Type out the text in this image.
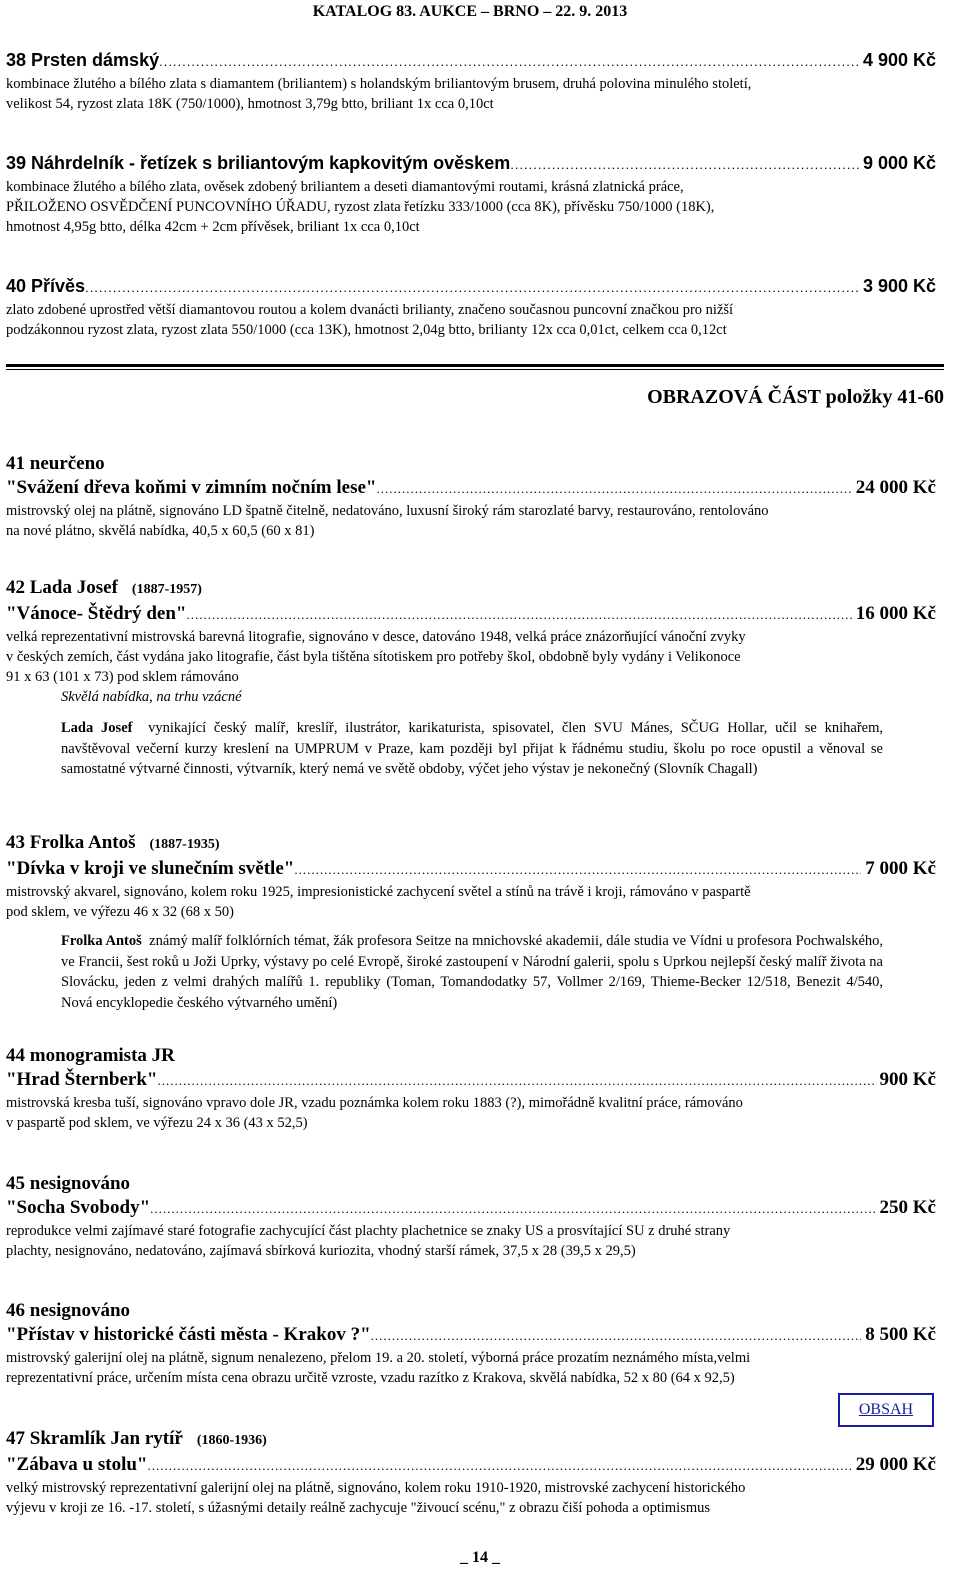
KATALOG 83. AUKCE – BRNO – 22. 9. 2013
38 Prsten dámský .....	4 900 Kč

kombinace žlutého a bílého zlata s diamantem (briliantem) s holandským briliantovým brusem, druhá polovina minulého století,
velikost 54, ryzost zlata 18K (750/1000), hmotnost 3,79g btto, briliant 1x cca 0,10ct

39 Náhrdelník - řetízek s briliantovým kapkovitým ověskem .....	9 000 Kč

kombinace žlutého a bílého zlata, ověsek zdobený briliantem a deseti diamantovými routami, krásná zlatnická práce,
PŘILOŽENO OSVĚDČENÍ PUNCOVNÍHO ÚŘADU, ryzost zlata řetízku 333/1000 (cca 8K), přívěsku 750/1000 (18K),
hmotnost 4,95g btto, délka 42cm + 2cm přívěsek, briliant 1x cca 0,10ct

40 Přívěs .....	3 900 Kč

zlato zdobené uprostřed větší diamantovou routou a kolem dvanácti brilianty, značeno současnou puncovní značkou pro nižší
podzákonnou ryzost zlata, ryzost zlata 550/1000 (cca 13K), hmotnost 2,04g btto, brilianty 12x cca 0,01ct, celkem cca 0,12ct

OBRAZOVÁ ČÁST položky 41-60
41 neurčeno
"Svážení dřeva koňmi v zimním nočním lese" .....	24 000 Kč

mistrovský olej na plátně, signováno LD špatně čitelně, nedatováno, luxusní široký rám starozlaté barvy, restaurováno, rentolováno
na nové plátno, skvělá nabídka, 40,5 x 60,5 (60 x 81)

42 Lada Josef (1887-1957)
"Vánoce- Štědrý den" .....	16 000 Kč

velká reprezentativní mistrovská barevná litografie, signováno v desce, datováno 1948, velká práce znázorňující vánoční zvyky
v českých zemích, část vydána jako litografie, část byla tištěna sítotiskem pro potřeby škol, obdobně byly vydány i Velikonoce
91 x 63 (101 x 73) pod sklem rámováno

Skvělá nabídka, na trhu vzácné
Lada Josef vynikající český malíř, kreslíř, ilustrátor, karikaturista, spisovatel, člen SVU Mánes, SČUG Hollar, učil se knihařem, navštěvoval večerní kurzy kreslení na UMPRUM v Praze, kam později byl přijat k řádnému studiu, školu po roce opustil a věnoval se samostatné výtvarné činnosti, výtvarník, který nemá ve světě obdoby, výčet jeho výstav je nekonečný (Slovník Chagall)
43 Frolka Antoš (1887-1935)
"Dívka v kroji ve slunečním světle" .....	7 000 Kč

mistrovský akvarel, signováno, kolem roku 1925, impresionistické zachycení světel a stínů na trávě i kroji, rámováno v paspartě
pod sklem, ve výřezu 46 x 32 (68 x 50)

Frolka Antoš známý malíř folklórních témat, žák profesora Seitze na mnichovské akademii, dále studia ve Vídni u profesora Pochwalského, ve Francii, šest roků u Joži Uprky, výstavy po celé Evropě, široké zastoupení v Národní galerii, spolu s Uprkou nejlepší český malíř života na Slovácku, jeden z velmi drahých malířů 1. republiky (Toman, Tomandodatky 57, Vollmer 2/169, Thieme-Becker 12/518, Benezit 4/540, Nová encyklopedie českého výtvarného umění)
44 monogramista JR
"Hrad Šternberk" .....	900 Kč

mistrovská kresba tuší, signováno vpravo dole JR, vzadu poznámka kolem roku 1883 (?), mimořádně kvalitní práce, rámováno
v paspartě pod sklem, ve výřezu 24 x 36 (43 x 52,5)

45 nesignováno
"Socha Svobody" .....	250 Kč

reprodukce velmi zajímavé staré fotografie zachycující část plachty plachetnice se znaky US a prosvítající SU z druhé strany
plachty, nesignováno, nedatováno, zajímavá sbírková kuriozita, vhodný starší rámek, 37,5 x 28 (39,5 x 29,5)

46 nesignováno
"Přístav v historické části města - Krakov ?" .....	8 500 Kč

mistrovský galerijní olej na plátně, signum nenalezeno, přelom 19. a 20. století, výborná práce prozatím neznámého místa,velmi
reprezentativní práce, určením místa cena obrazu určitě vzroste, vzadu razítko z Krakova, skvělá nabídka, 52 x 80 (64 x 92,5)

OBSAH
47 Skramlík Jan rytíř (1860-1936)
"Zábava u stolu" .....	29 000 Kč

velký mistrovský reprezentativní galerijní olej na plátně, signováno, kolem roku 1910-1920, mistrovské zachycení historického
výjevu v kroji ze 16. -17. století, s úžasnými detaily reálně zachycuje "živoucí scénu," z obrazu čiší pohoda a optimismus

_ 14 _
